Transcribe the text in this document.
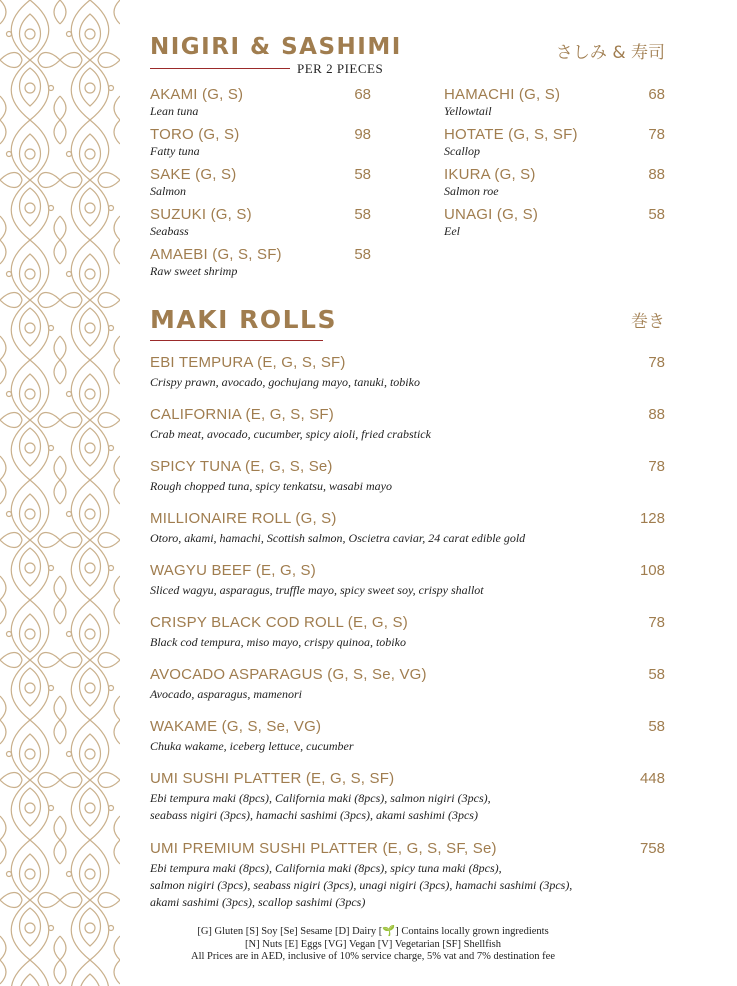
NIGIRI & SASHIMI	さしみ & 寿司
PER 2 PIECES
AKAMI (G, S)	68
Lean tuna
TORO (G, S)	98
Fatty tuna
SAKE (G, S)	58
Salmon
SUZUKI (G, S)	58
Seabass
AMAEBI (G, S, SF)	58
Raw sweet shrimp
HAMACHI (G, S)	68
Yellowtail
HOTATE (G, S, SF)	78
Scallop
IKURA (G, S)	88
Salmon roe
UNAGI (G, S)	58
Eel
MAKI ROLLS	巻き
EBI TEMPURA (E, G, S, SF)	78
Crispy prawn, avocado, gochujang mayo, tanuki, tobiko
CALIFORNIA (E, G, S, SF)	88
Crab meat, avocado, cucumber, spicy aioli, fried crabstick
SPICY TUNA (E, G, S, Se)	78
Rough chopped tuna, spicy tenkatsu, wasabi mayo
MILLIONAIRE ROLL (G, S)	128
Otoro, akami, hamachi, Scottish salmon, Oscietra caviar, 24 carat edible gold
WAGYU BEEF (E, G, S)	108
Sliced wagyu, asparagus, truffle mayo, spicy sweet soy, crispy shallot
CRISPY BLACK COD ROLL (E, G, S)	78
Black cod tempura, miso mayo, crispy quinoa, tobiko
AVOCADO ASPARAGUS (G, S, Se, VG)	58
Avocado, asparagus, mamenori
WAKAME (G, S, Se, VG)	58
Chuka wakame, iceberg lettuce, cucumber
UMI SUSHI PLATTER (E, G, S, SF)	448
Ebi tempura maki (8pcs), California maki (8pcs), salmon nigiri (3pcs),
seabass nigiri (3pcs), hamachi sashimi (3pcs), akami sashimi (3pcs)
UMI PREMIUM SUSHI PLATTER (E, G, S, SF, Se)	758
Ebi tempura maki (8pcs), California maki (8pcs), spicy tuna maki (8pcs),
salmon nigiri (3pcs), seabass nigiri (3pcs), unagi nigiri (3pcs), hamachi sashimi (3pcs),
akami sashimi (3pcs), scallop sashimi (3pcs)
[G] Gluten [S] Soy [Se] Sesame [D] Dairy [🌱] Contains locally grown ingredients
[N] Nuts [E] Eggs [VG] Vegan [V] Vegetarian [SF] Shellfish
All Prices are in AED, inclusive of 10% service charge, 5% vat and 7% destination fee
